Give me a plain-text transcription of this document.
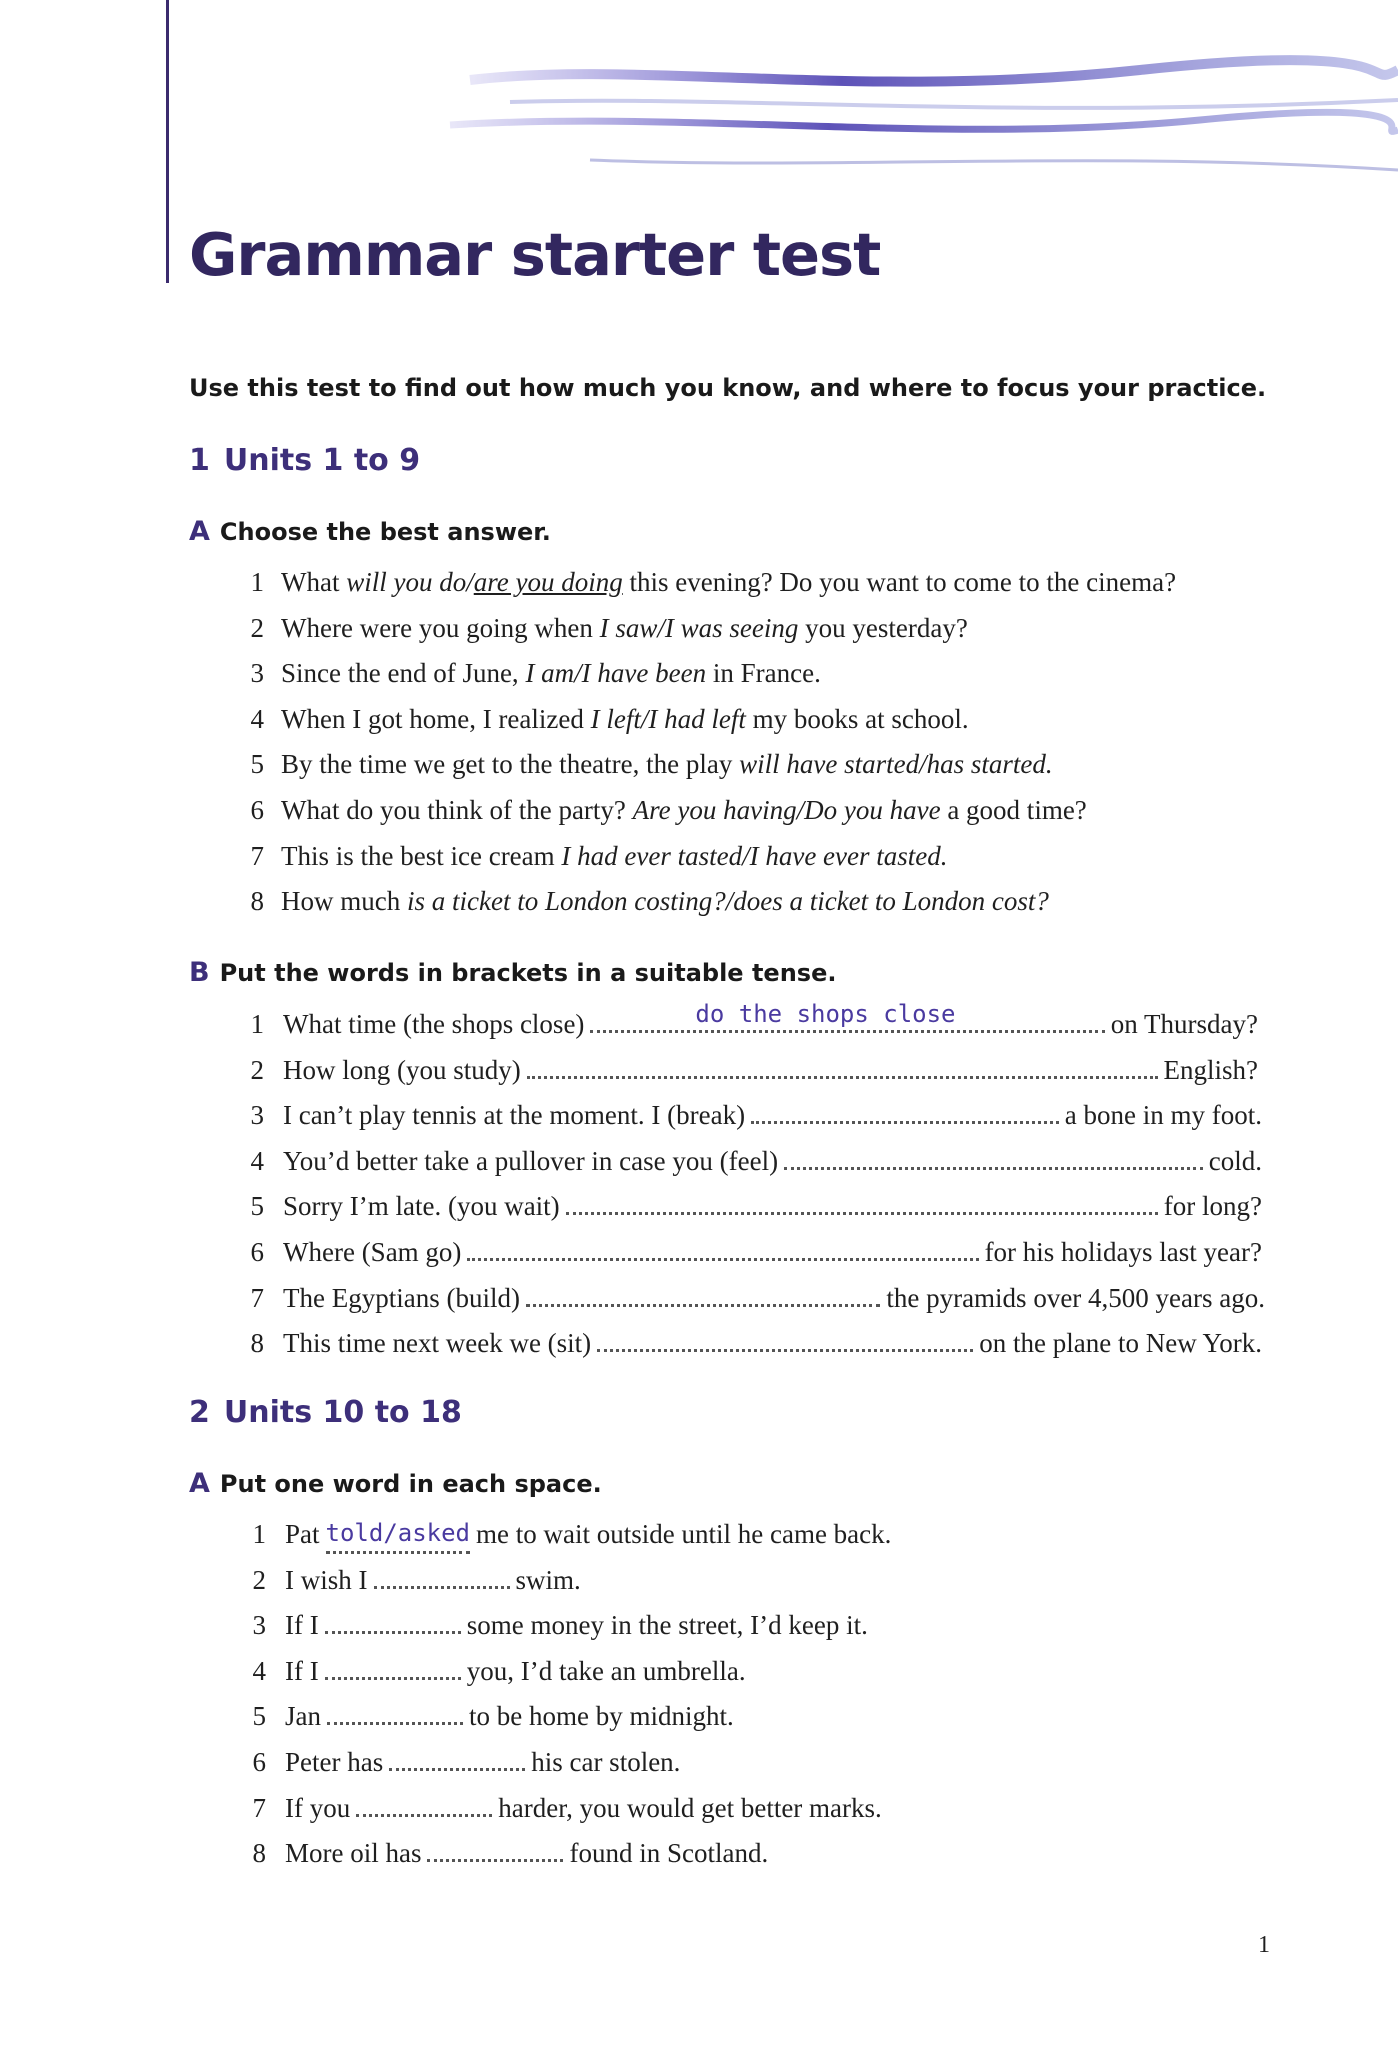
Grammar starter test

Use this test to find out how much you know, and where to focus your practice.

1 Units 1 to 9
A Choose the best answer.
1 What will you do/are you doing this evening? Do you want to come to the cinema?
2 Where were you going when I saw/I was seeing you yesterday?
3 Since the end of June, I am/I have been in France.
4 When I got home, I realized I left/I had left my books at school.
5 By the time we get to the theatre, the play will have started/has started.
6 What do you think of the party? Are you having/Do you have a good time?
7 This is the best ice cream I had ever tasted/I have ever tasted.
8 How much is a ticket to London costing?/does a ticket to London cost?
B Put the words in brackets in a suitable tense.
1 What time (the shops close)	do the shops close	on Thursday?
2 How long (you study)	English?
3 I can’t play tennis at the moment. I (break)	a bone in my foot.
4 You’d better take a pullover in case you (feel)	cold.
5 Sorry I’m late. (you wait)	for long?
6 Where (Sam go)	for his holidays last year?
7 The Egyptians (build)	the pyramids over 4,500 years ago.
8 This time next week we (sit)	on the plane to New York.
2 Units 10 to 18
A Put one word in each space.
1 Pat told/asked me to wait outside until he came back.
2 I wish I	swim.
3 If I	some money in the street, I’d keep it.
4 If I	you, I’d take an umbrella.
5 Jan	to be home by midnight.
6 Peter has	his car stolen.
7 If you	harder, you would get better marks.
8 More oil has	found in Scotland.
1
